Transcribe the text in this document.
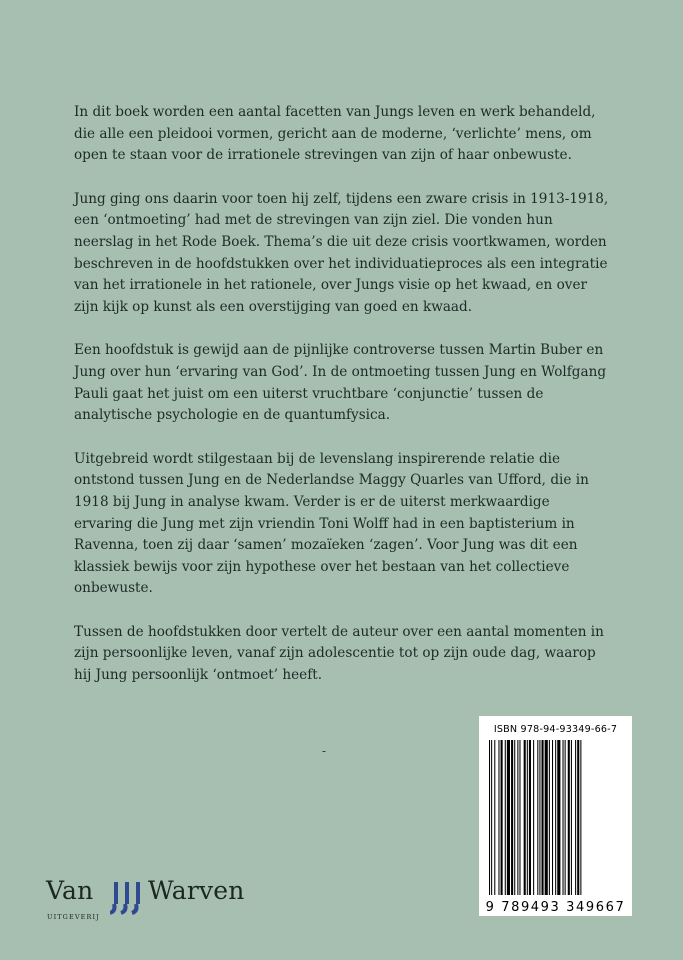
In dit boek worden een aantal facetten van Jungs leven en werk behandeld, die alle een pleidooi vormen, gericht aan de moderne, ‘verlichte’ mens, om open te staan voor de irrationele strevingen van zijn of haar onbewuste.

Jung ging ons daarin voor toen hij zelf, tijdens een zware crisis in 1913-1918, een ‘ontmoeting’ had met de strevingen van zijn ziel. Die vonden hun neerslag in het Rode Boek. Thema’s die uit deze crisis voortkwamen, worden beschreven in de hoofdstukken over het individuatieproces als een integratie van het irrationele in het rationele, over Jungs visie op het kwaad, en over zijn kijk op kunst als een overstijging van goed en kwaad.

Een hoofdstuk is gewijd aan de pijnlijke controverse tussen Martin Buber en Jung over hun ‘ervaring van God’. In de ontmoeting tussen Jung en Wolfgang Pauli gaat het juist om een uiterst vruchtbare ‘conjunctie’ tussen de analytische psychologie en de quantumfysica.

Uitgebreid wordt stilgestaan bij de levenslang inspirerende relatie die ontstond tussen Jung en de Nederlandse Maggy Quarles van Ufford, die in 1918 bij Jung in analyse kwam. Verder is er de uiterst merkwaardige ervaring die Jung met zijn vriendin Toni Wolff had in een baptisterium in Ravenna, toen zij daar ‘samen’ mozaïeken ‘zagen’. Voor Jung was dit een klassiek bewijs voor zijn hypothese over het bestaan van het collectieve onbewuste.

Tussen de hoofdstukken door vertelt de auteur over een aantal momenten in zijn persoonlijke leven, vanaf zijn adolescentie tot op zijn oude dag, waarop hij Jung persoonlijk ‘ontmoet’ heeft.

-
Van Warven
UITGEVERIJ
ISBN 978-94-93349-66-7
9 789493 349667
